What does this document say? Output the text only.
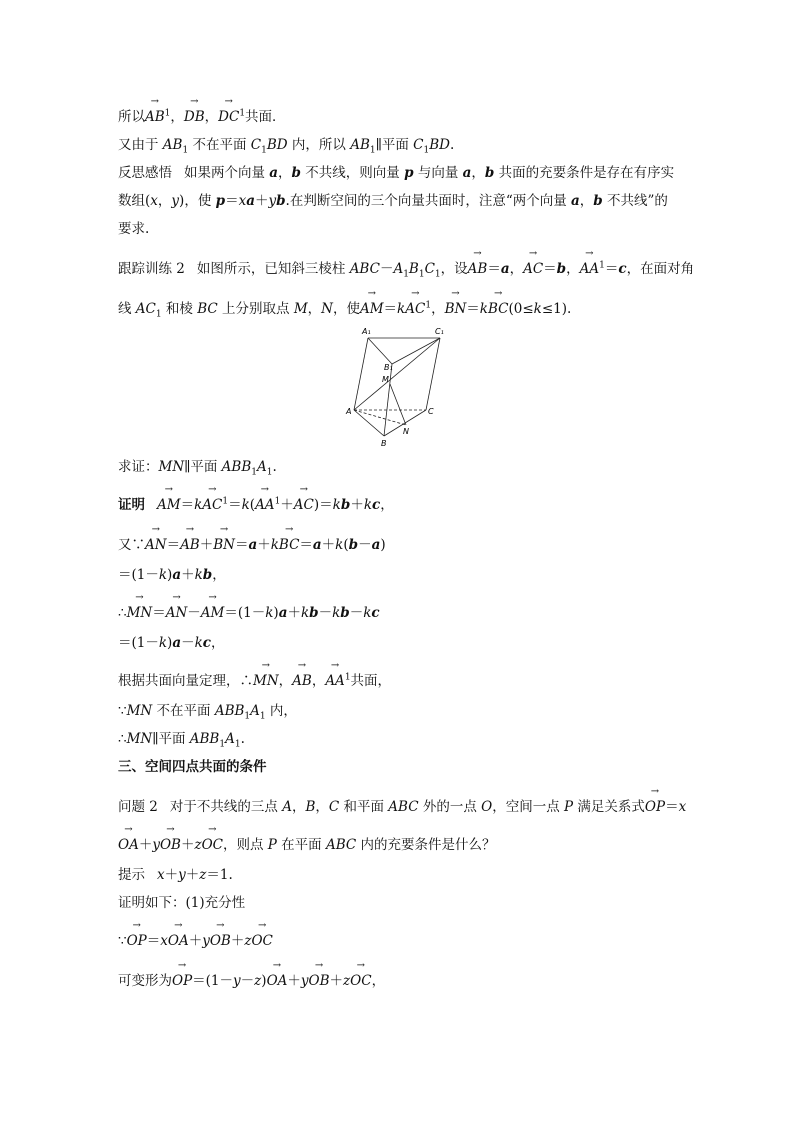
所以→ $AB^1$，→ DB，→ $DC^1$共面．
又由于 $AB_1$ 不在平面 $C_1BD$ 内，所以 $AB_1\parallel$平面 $C_1BD$.
反思感悟 如果两个向量 a，b 不共线，则向量 p 与向量 a，b 共面的充要条件是存在有序实
数组(x，y)，使 p＝xa＋yb.在判断空间的三个向量共面时，注意“两个向量 a，b 不共线”的
要求.
跟踪训练 2 如图所示，已知斜三棱柱 $ABC-A_1B_1C_1$，设→ AB＝a，→ AC＝b，→ $AA^1=c$，在面对角
线 $AC_1$ 和棱 BC 上分别取点 M，N，使→ $AM=k\to AC^1$，→ BN＝k→ BC(0≤k≤1).
A₁	C₁
B₁
M
A	C
N
B
求证：MN∥平面 $ABB_1A_1$.
证明→ $AM=k\to AC^1=k(\to AA^1+\to AC)=kb+kc$，
又∵→ AN＝→ AB＋→ BN＝a＋k→ BC＝a＋k(b－a)
＝(1－k)a＋kb，
∴→ MN＝→ AN－→ AM＝(1－k)a＋kb－kb－kc
＝(1－k)a－kc，
根据共面向量定理，∴→ MN，→ AB，→ $AA^1$共面，
∵MN 不在平面 $ABB_1A_1$ 内，
∴MN∥平面 $ABB_1A_1$.
三、空间四点共面的条件
问题 2 对于不共线的三点 A，B，C 和平面 ABC 外的一点 O，空间一点 P 满足关系式→ OP＝x
→ OA＋y→ OB＋z→ OC，则点 P 在平面 ABC 内的充要条件是什么？
提示 x＋y＋z＝1.
证明如下：(1)充分性
∵→ OP＝x→ OA＋y→ OB＋z→ OC
可变形为→ OP＝(1－y－z)→ OA＋y→ OB＋z→ OC，
